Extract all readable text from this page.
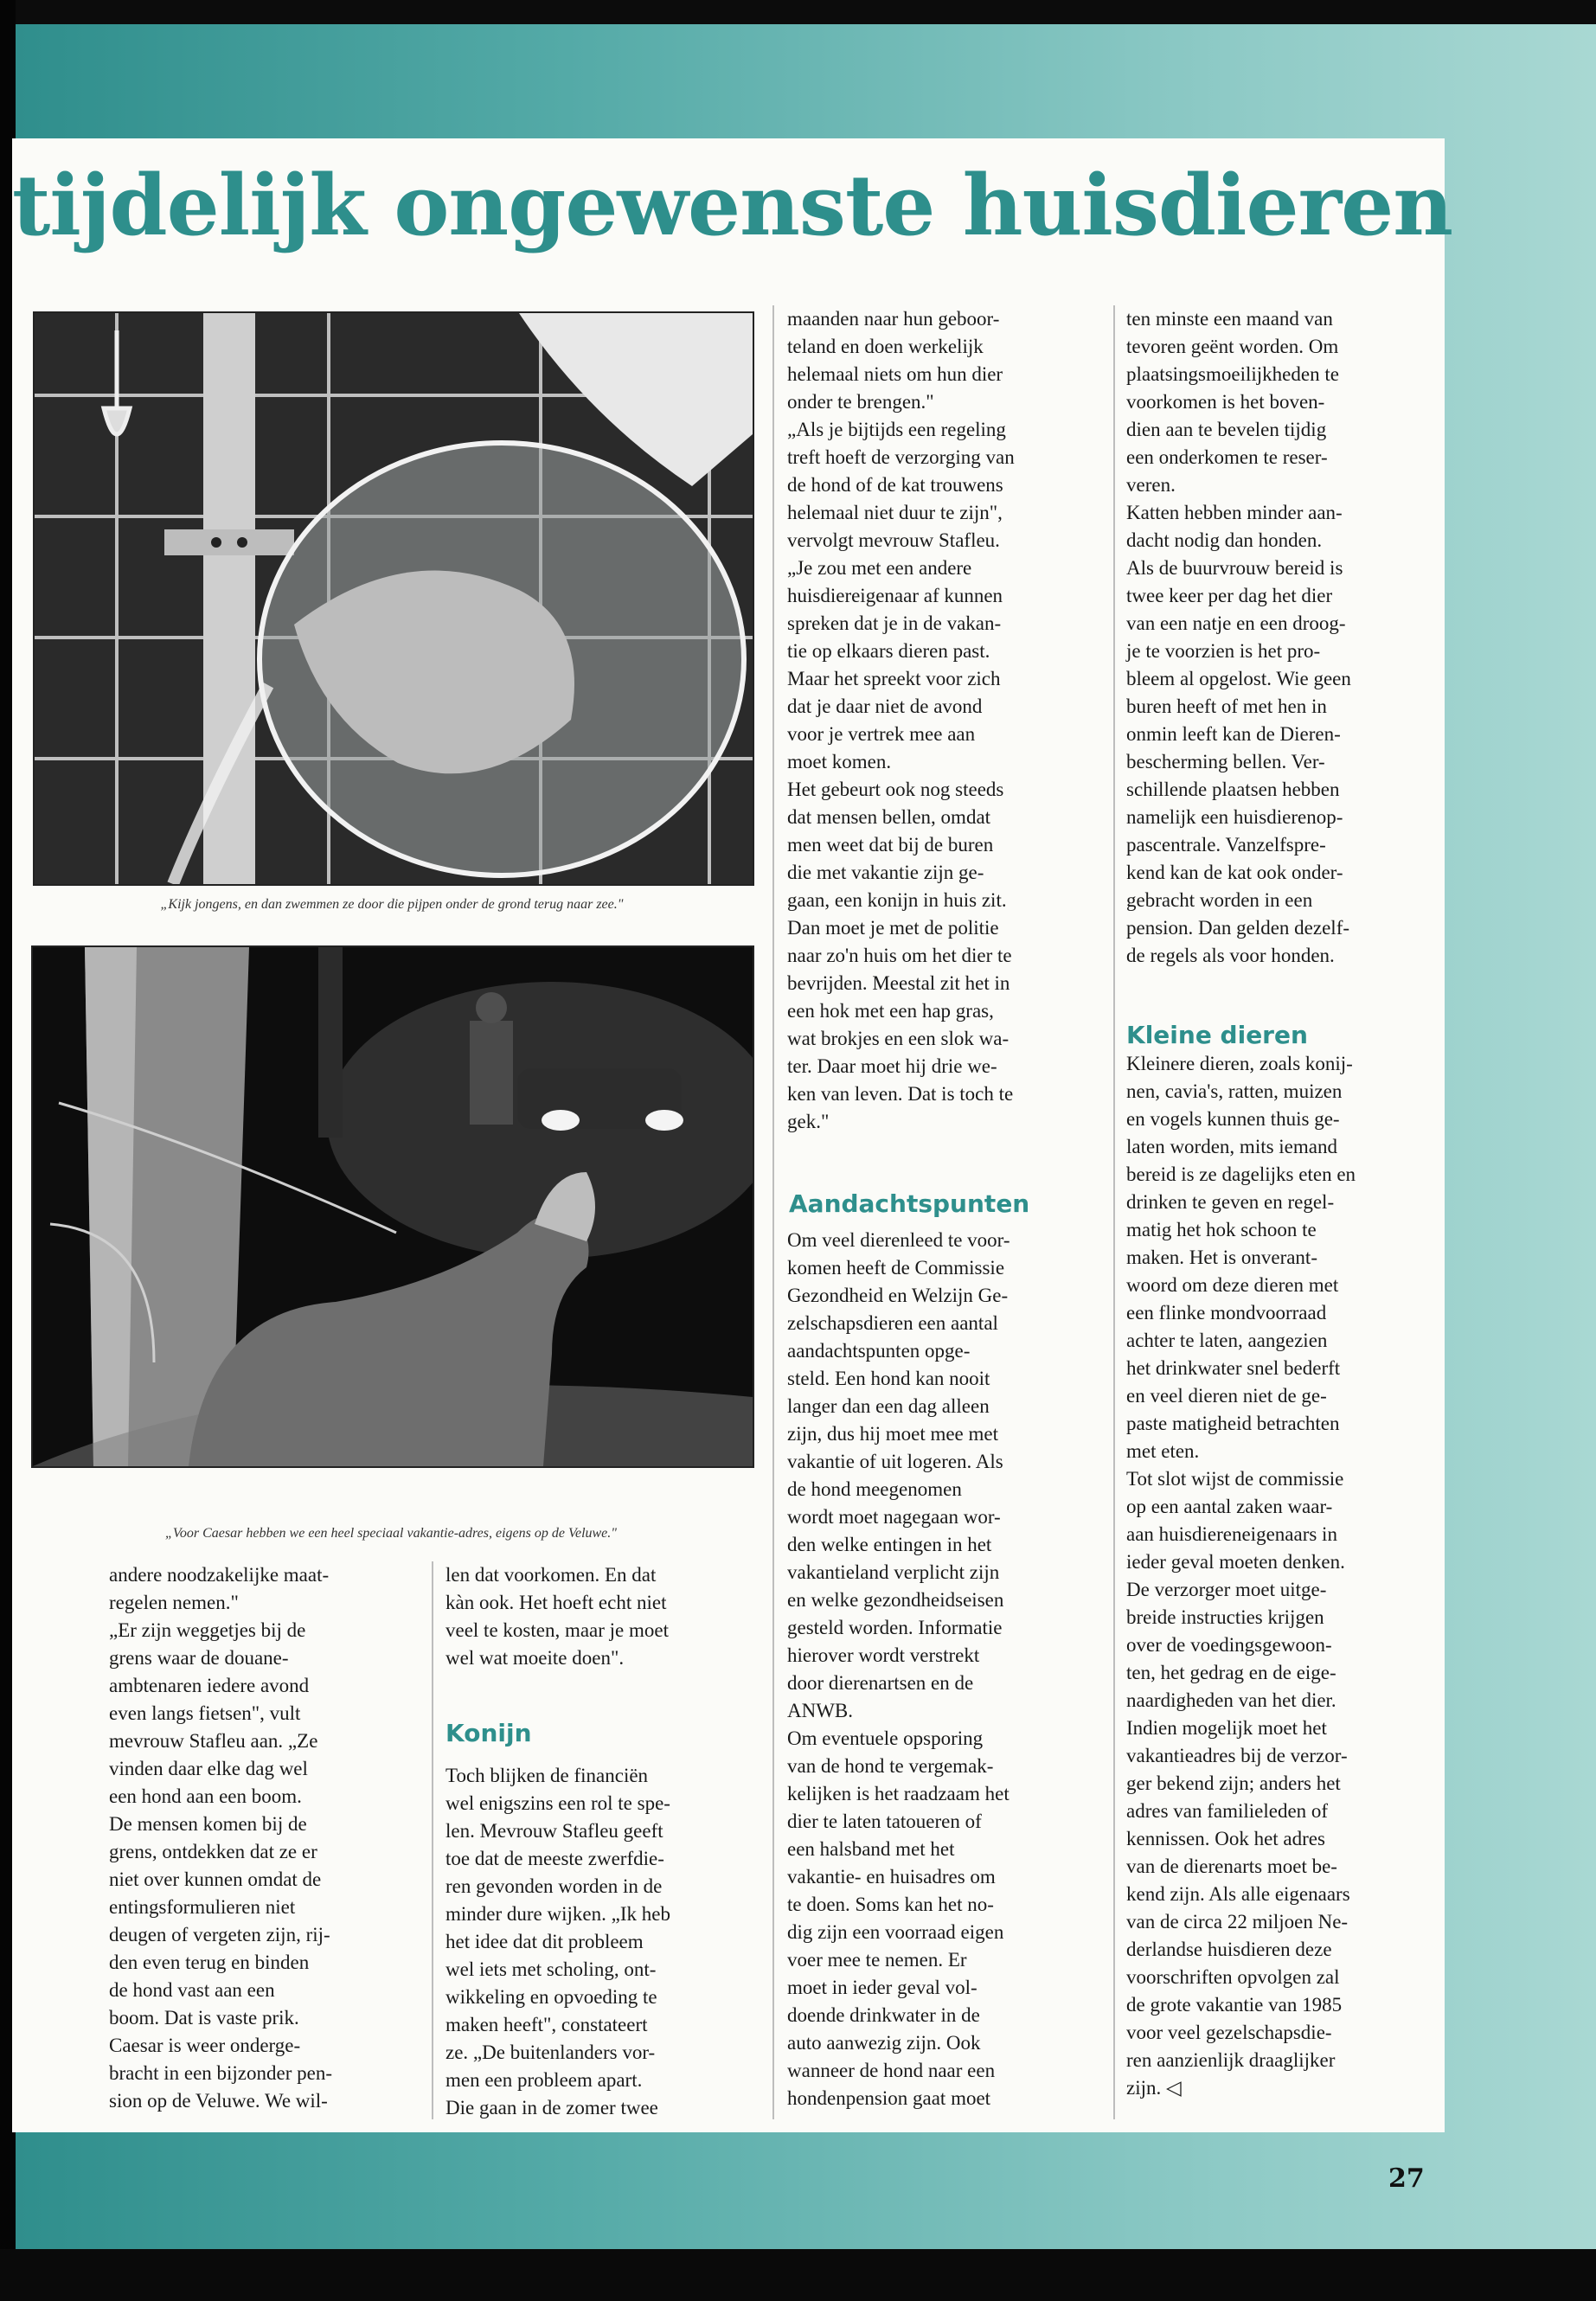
tijdelijk ongewenste huisdieren
„Kijk jongens, en dan zwemmen ze door die pijpen onder de grond terug naar zee."
„Voor Caesar hebben we een heel speciaal vakantie-adres, eigens op de Veluwe."

andere noodzakelijke maat-
regelen nemen."
„Er zijn weggetjes bij de
grens waar de douane-
ambtenaren iedere avond
even langs fietsen", vult
mevrouw Stafleu aan. „Ze
vinden daar elke dag wel
een hond aan een boom.
De mensen komen bij de
grens, ontdekken dat ze er
niet over kunnen omdat de
entingsformulieren niet
deugen of vergeten zijn, rij-
den even terug en binden
de hond vast aan een
boom. Dat is vaste prik.
Caesar is weer onderge-
bracht in een bijzonder pen-
sion op de Veluwe. We wil-

len dat voorkomen. En dat
kàn ook. Het hoeft echt niet
veel te kosten, maar je moet
wel wat moeite doen".

Konijn

Toch blijken de financiën
wel enigszins een rol te spe-
len. Mevrouw Stafleu geeft
toe dat de meeste zwerfdie-
ren gevonden worden in de
minder dure wijken. „Ik heb
het idee dat dit probleem
wel iets met scholing, ont-
wikkeling en opvoeding te
maken heeft", constateert
ze. „De buitenlanders vor-
men een probleem apart.
Die gaan in de zomer twee

maanden naar hun geboor-
teland en doen werkelijk
helemaal niets om hun dier
onder te brengen."
„Als je bijtijds een regeling
treft hoeft de verzorging van
de hond of de kat trouwens
helemaal niet duur te zijn",
vervolgt mevrouw Stafleu.
„Je zou met een andere
huisdiereigenaar af kunnen
spreken dat je in de vakan-
tie op elkaars dieren past.
Maar het spreekt voor zich
dat je daar niet de avond
voor je vertrek mee aan
moet komen.
Het gebeurt ook nog steeds
dat mensen bellen, omdat
men weet dat bij de buren
die met vakantie zijn ge-
gaan, een konijn in huis zit.
Dan moet je met de politie
naar zo'n huis om het dier te
bevrijden. Meestal zit het in
een hok met een hap gras,
wat brokjes en een slok wa-
ter. Daar moet hij drie we-
ken van leven. Dat is toch te
gek."

Aandachtspunten

Om veel dierenleed te voor-
komen heeft de Commissie
Gezondheid en Welzijn Ge-
zelschapsdieren een aantal
aandachtspunten opge-
steld. Een hond kan nooit
langer dan een dag alleen
zijn, dus hij moet mee met
vakantie of uit logeren. Als
de hond meegenomen
wordt moet nagegaan wor-
den welke entingen in het
vakantieland verplicht zijn
en welke gezondheidseisen
gesteld worden. Informatie
hierover wordt verstrekt
door dierenartsen en de
ANWB.
Om eventuele opsporing
van de hond te vergemak-
kelijken is het raadzaam het
dier te laten tatoueren of
een halsband met het
vakantie- en huisadres om
te doen. Soms kan het no-
dig zijn een voorraad eigen
voer mee te nemen. Er
moet in ieder geval vol-
doende drinkwater in de
auto aanwezig zijn. Ook
wanneer de hond naar een
hondenpension gaat moet

ten minste een maand van
tevoren geënt worden. Om
plaatsingsmoeilijkheden te
voorkomen is het boven-
dien aan te bevelen tijdig
een onderkomen te reser-
veren.
Katten hebben minder aan-
dacht nodig dan honden.
Als de buurvrouw bereid is
twee keer per dag het dier
van een natje en een droog-
je te voorzien is het pro-
bleem al opgelost. Wie geen
buren heeft of met hen in
onmin leeft kan de Dieren-
bescherming bellen. Ver-
schillende plaatsen hebben
namelijk een huisdierenop-
pascentrale. Vanzelfspre-
kend kan de kat ook onder-
gebracht worden in een
pension. Dan gelden dezelf-
de regels als voor honden.

Kleine dieren

Kleinere dieren, zoals konij-
nen, cavia's, ratten, muizen
en vogels kunnen thuis ge-
laten worden, mits iemand
bereid is ze dagelijks eten en
drinken te geven en regel-
matig het hok schoon te
maken. Het is onverant-
woord om deze dieren met
een flinke mondvoorraad
achter te laten, aangezien
het drinkwater snel bederft
en veel dieren niet de ge-
paste matigheid betrachten
met eten.
Tot slot wijst de commissie
op een aantal zaken waar-
aan huisdiereneigenaars in
ieder geval moeten denken.
De verzorger moet uitge-
breide instructies krijgen
over de voedingsgewoon-
ten, het gedrag en de eige-
naardigheden van het dier.
Indien mogelijk moet het
vakantieadres bij de verzor-
ger bekend zijn; anders het
adres van familieleden of
kennissen. Ook het adres
van de dierenarts moet be-
kend zijn. Als alle eigenaars
van de circa 22 miljoen Ne-
derlandse huisdieren deze
voorschriften opvolgen zal
de grote vakantie van 1985
voor veel gezelschapsdie-
ren aanzienlijk draaglijker
zijn. ◁

27
